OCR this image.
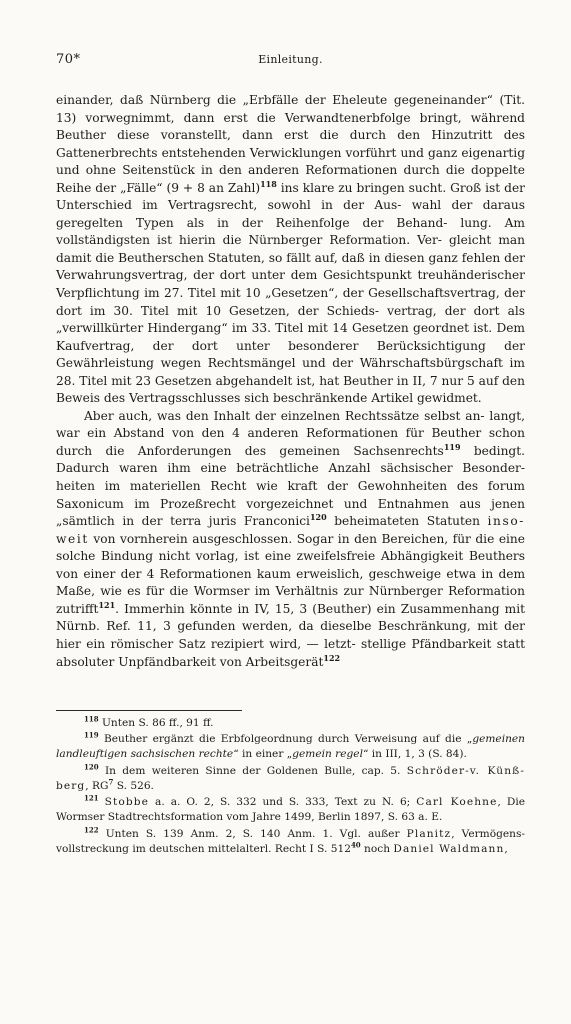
70*	Einleitung.

einander, daß Nürnberg die „Erbfälle der Eheleute gegeneinander“ (Tit. 13) vorwegnimmt, dann erst die Verwandtenerbfolge bringt, während Beuther diese voranstellt, dann erst die durch den Hinzutritt des Gattenerbrechts entstehenden Verwicklungen vorführt und ganz eigenartig und ohne Seitenstück in den anderen Reformationen durch die doppelte Reihe der „Fälle“ (9 + 8 an Zahl)$^{118}$ ins klare zu bringen sucht. Groß ist der Unterschied im Vertragsrecht, sowohl in der Aus- wahl der daraus geregelten Typen als in der Reihenfolge der Behand- lung. Am vollständigsten ist hierin die Nürnberger Reformation. Ver- gleicht man damit die Beutherschen Statuten, so fällt auf, daß in diesen ganz fehlen der Verwahrungsvertrag, der dort unter dem Gesichtspunkt treuhänderischer Verpflichtung im 27. Titel mit 10 „Gesetzen“, der Gesellschaftsvertrag, der dort im 30. Titel mit 10 Gesetzen, der Schieds- vertrag, der dort als „verwillkürter Hindergang“ im 33. Titel mit 14 Gesetzen geordnet ist. Dem Kaufvertrag, der dort unter besonderer Berücksichtigung der Gewährleistung wegen Rechtsmängel und der Währschaftsbürgschaft im 28. Titel mit 23 Gesetzen abgehandelt ist, hat Beuther in II, 7 nur 5 auf den Beweis des Vertragsschlusses sich beschränkende Artikel gewidmet.

Aber auch, was den Inhalt der einzelnen Rechtssätze selbst an- langt, war ein Abstand von den 4 anderen Reformationen für Beuther schon durch die Anforderungen des gemeinen Sachsenrechts$^{119}$ bedingt. Dadurch waren ihm eine beträchtliche Anzahl sächsischer Besonder- heiten im materiellen Recht wie kraft der Gewohnheiten des forum Saxonicum im Prozeßrecht vorgezeichnet und Entnahmen aus jenen „sämtlich in der terra juris Franconici$^{120}$ beheimateten Statuten inso- weit von vornherein ausgeschlossen. Sogar in den Bereichen, für die eine solche Bindung nicht vorlag, ist eine zweifelsfreie Abhängigkeit Beuthers von einer der 4 Reformationen kaum erweislich, geschweige etwa in dem Maße, wie es für die Wormser im Verhältnis zur Nürnberger Reformation zutrifft$^{121}$. Immerhin könnte in IV, 15, 3 (Beuther) ein Zusammenhang mit Nürnb. Ref. 11, 3 gefunden werden, da dieselbe Beschränkung, mit der hier ein römischer Satz rezipiert wird, — letzt- stellige Pfändbarkeit statt absoluter Unpfändbarkeit von Arbeitsgerät$^{122}$

$^{118}$ Unten S. 86 ff., 91 ff.

$^{119}$ Beuther ergänzt die Erbfolgeordnung durch Verweisung auf die „gemeinen landleuftigen sachsischen rechte“ in einer „gemein regel“ in III, 1, 3 (S. 84).

$^{120}$ In dem weiteren Sinne der Goldenen Bulle, cap. 5. Schröder-v. Künß- berg, RG$^7$ S. 526.

$^{121}$ Stobbe a. a. O. 2, S. 332 und S. 333, Text zu N. 6; Carl Koehne, Die Wormser Stadtrechtsformation vom Jahre 1499, Berlin 1897, S. 63 a. E.

$^{122}$ Unten S. 139 Anm. 2, S. 140 Anm. 1. Vgl. außer Planitz, Vermögens- vollstreckung im deutschen mittelalterl. Recht I S. 512$^{40}$ noch Daniel Waldmann,
